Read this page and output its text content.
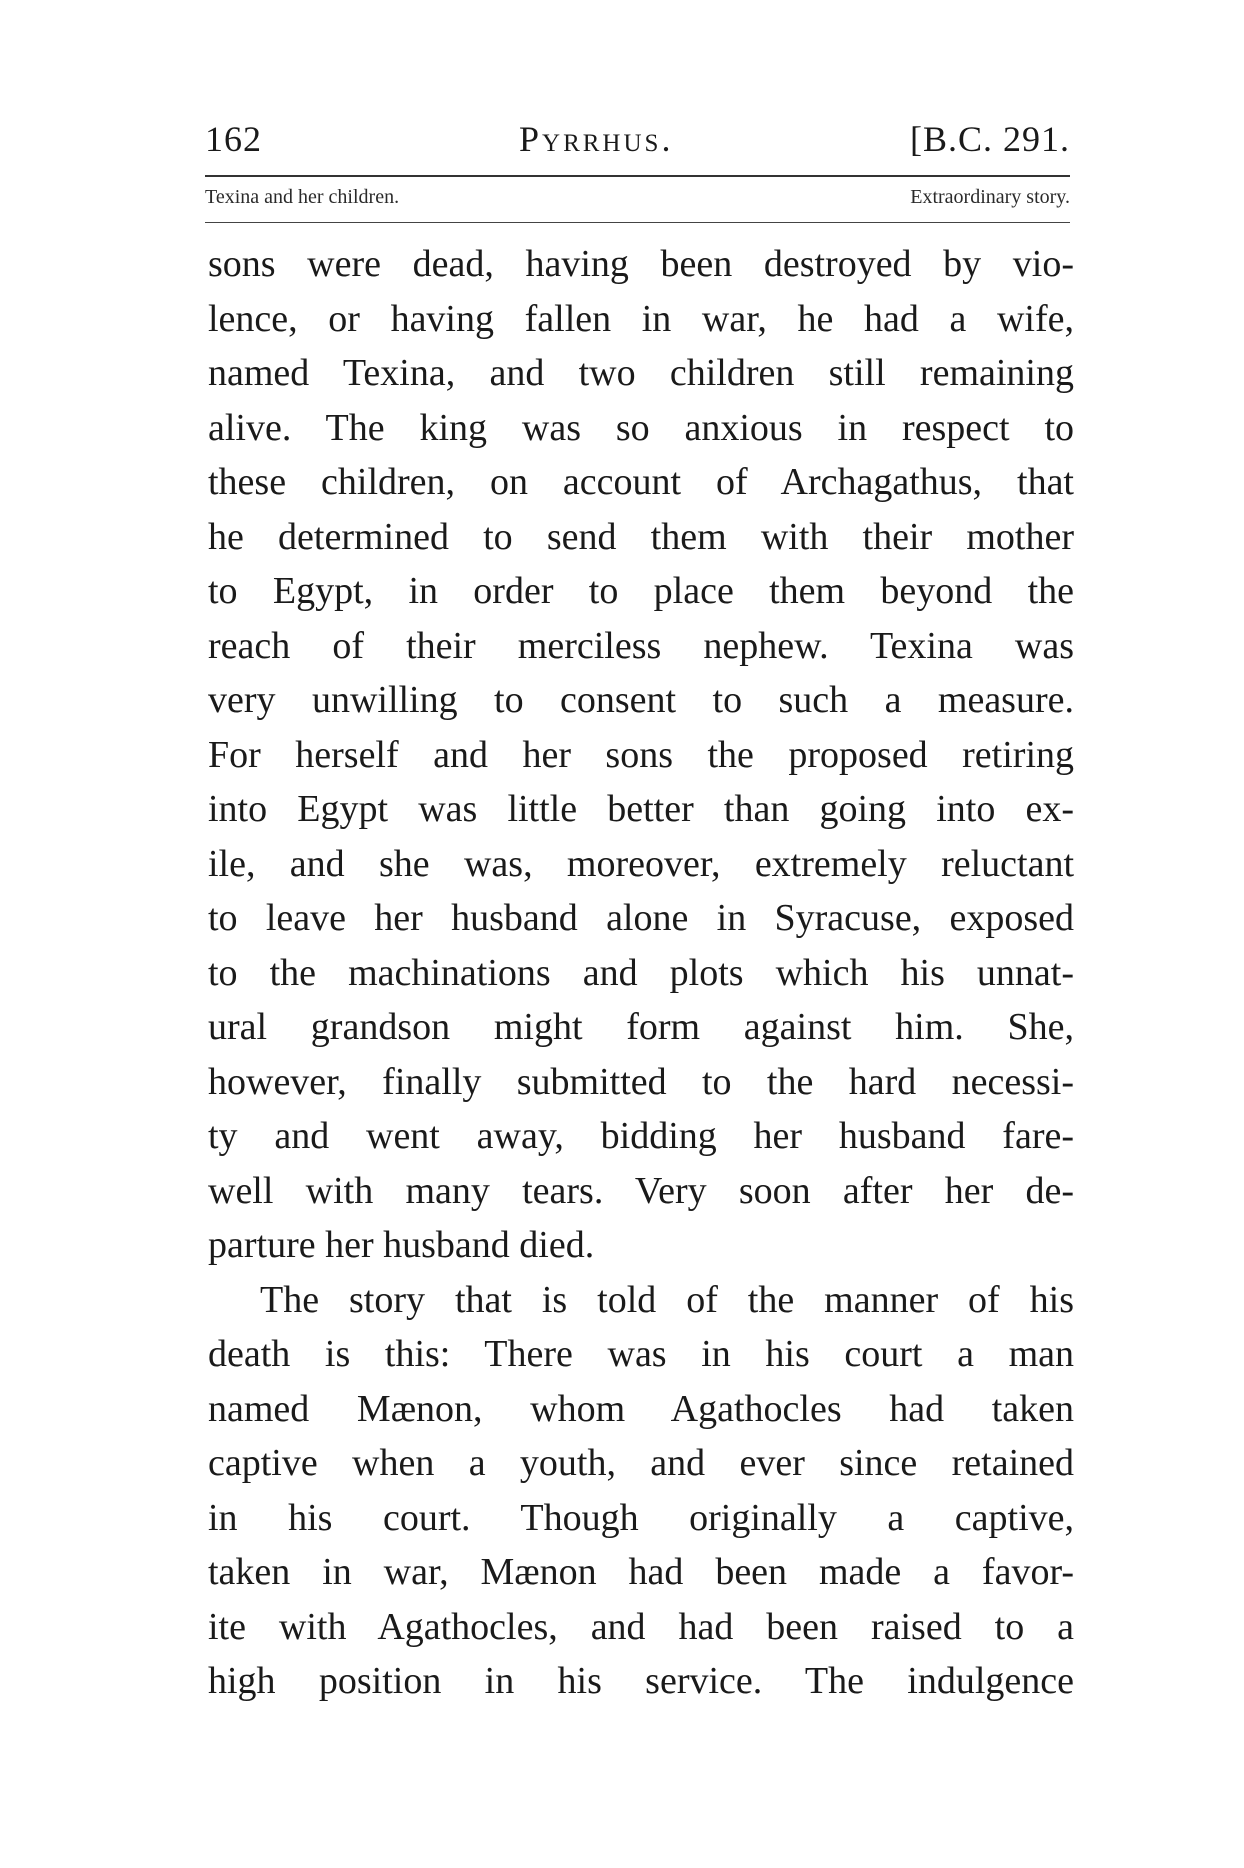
162	Pyrrhus.	[B.C. 291.
Texina and her children.	Extraordinary story.
sons were dead, having been destroyed by vio-
lence, or having fallen in war, he had a wife,
named Texina, and two children still remaining
alive. The king was so anxious in respect to
these children, on account of Archagathus, that
he determined to send them with their mother
to Egypt, in order to place them beyond the
reach of their merciless nephew. Texina was
very unwilling to consent to such a measure.
For herself and her sons the proposed retiring
into Egypt was little better than going into ex-
ile, and she was, moreover, extremely reluctant
to leave her husband alone in Syracuse, exposed
to the machinations and plots which his unnat-
ural grandson might form against him. She,
however, finally submitted to the hard necessi-
ty and went away, bidding her husband fare-
well with many tears. Very soon after her de-
parture her husband died.
The story that is told of the manner of his
death is this: There was in his court a man
named Mænon, whom Agathocles had taken
captive when a youth, and ever since retained
in his court. Though originally a captive,
taken in war, Mænon had been made a favor-
ite with Agathocles, and had been raised to a
high position in his service. The indulgence
